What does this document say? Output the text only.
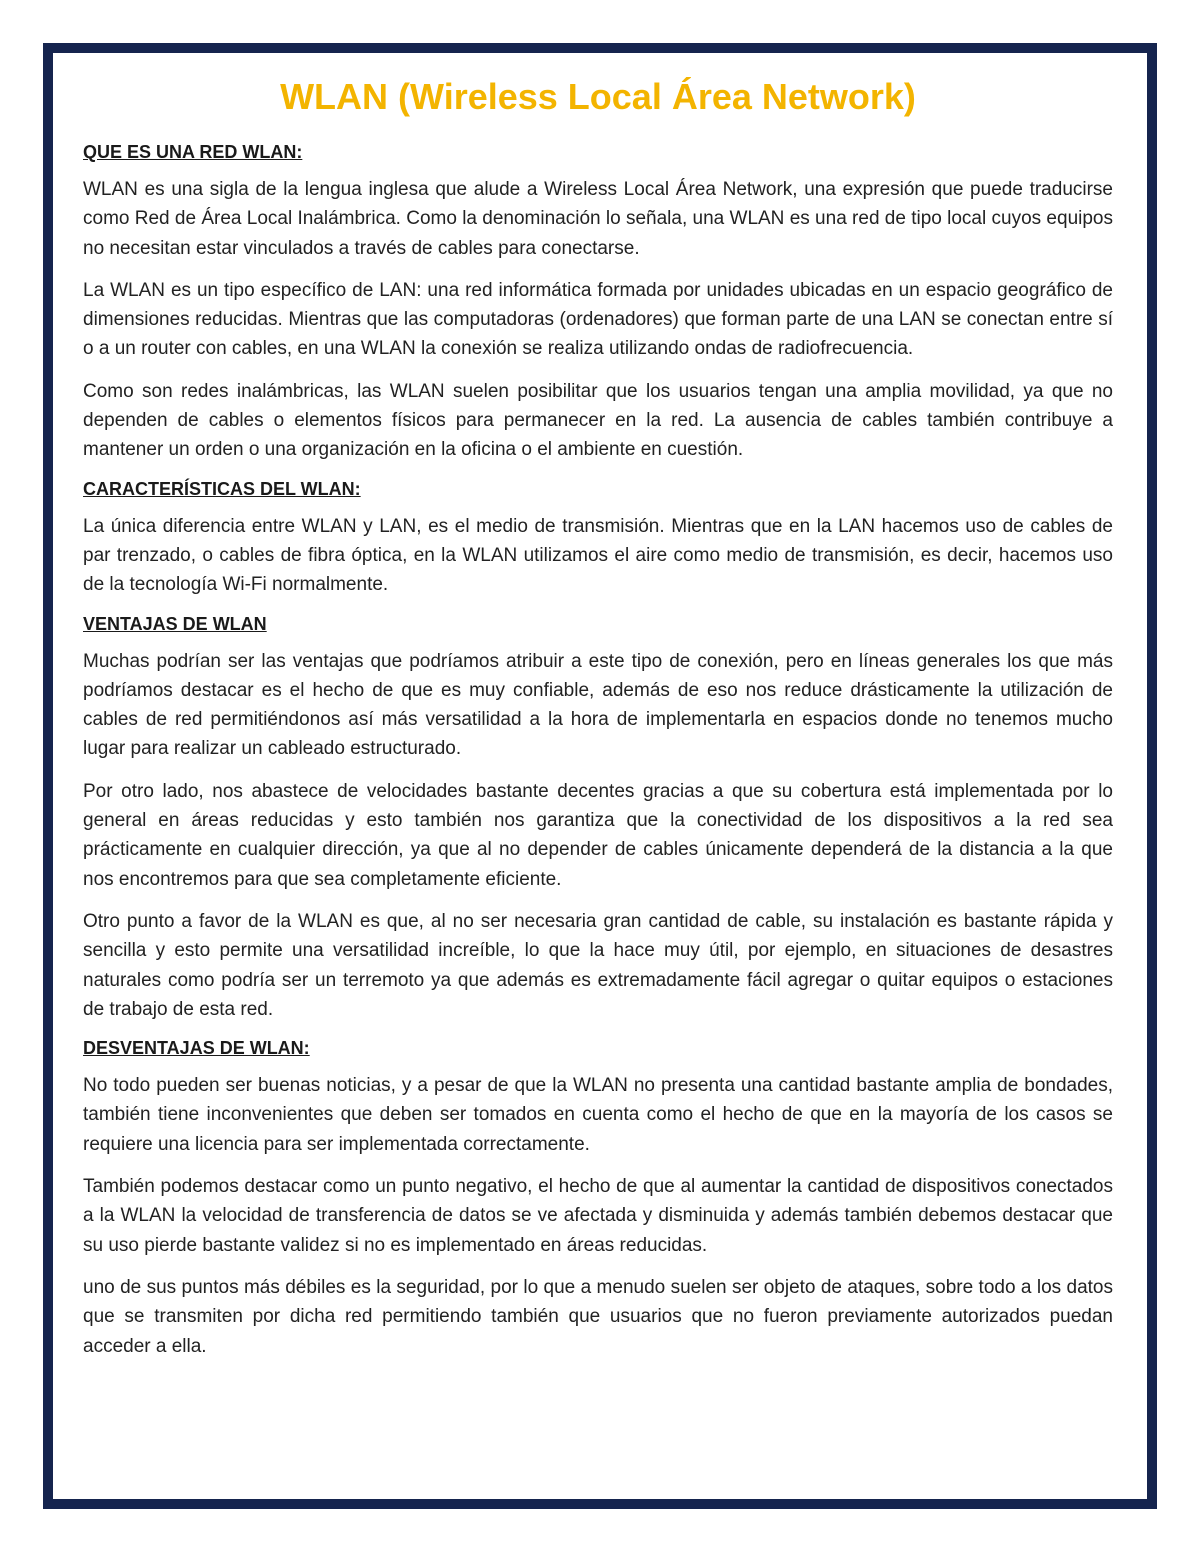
WLAN (Wireless Local Área Network)

QUE ES UNA RED WLAN:

WLAN es una sigla de la lengua inglesa que alude a Wireless Local Área Network, una expresión que puede traducirse como Red de Área Local Inalámbrica. Como la denominación lo señala, una WLAN es una red de tipo local cuyos equipos no necesitan estar vinculados a través de cables para conectarse.

La WLAN es un tipo específico de LAN: una red informática formada por unidades ubicadas en un espacio geográfico de dimensiones reducidas. Mientras que las computadoras (ordenadores) que forman parte de una LAN se conectan entre sí o a un router con cables, en una WLAN la conexión se realiza utilizando ondas de radiofrecuencia.

Como son redes inalámbricas, las WLAN suelen posibilitar que los usuarios tengan una amplia movilidad, ya que no dependen de cables o elementos físicos para permanecer en la red. La ausencia de cables también contribuye a mantener un orden o una organización en la oficina o el ambiente en cuestión.

CARACTERÍSTICAS DEL WLAN:

La única diferencia entre WLAN y LAN, es el medio de transmisión. Mientras que en la LAN hacemos uso de cables de par trenzado, o cables de fibra óptica, en la WLAN utilizamos el aire como medio de transmisión, es decir, hacemos uso de la tecnología Wi-Fi normalmente.

VENTAJAS DE WLAN

Muchas podrían ser las ventajas que podríamos atribuir a este tipo de conexión, pero en líneas generales los que más podríamos destacar es el hecho de que es muy confiable, además de eso nos reduce drásticamente la utilización de cables de red permitiéndonos así más versatilidad a la hora de implementarla en espacios donde no tenemos mucho lugar para realizar un cableado estructurado.

Por otro lado, nos abastece de velocidades bastante decentes gracias a que su cobertura está implementada por lo general en áreas reducidas y esto también nos garantiza que la conectividad de los dispositivos a la red sea prácticamente en cualquier dirección, ya que al no depender de cables únicamente dependerá de la distancia a la que nos encontremos para que sea completamente eficiente.

Otro punto a favor de la WLAN es que, al no ser necesaria gran cantidad de cable, su instalación es bastante rápida y sencilla y esto permite una versatilidad increíble, lo que la hace muy útil, por ejemplo, en situaciones de desastres naturales como podría ser un terremoto ya que además es extremadamente fácil agregar o quitar equipos o estaciones de trabajo de esta red.

DESVENTAJAS DE WLAN:

No todo pueden ser buenas noticias, y a pesar de que la WLAN no presenta una cantidad bastante amplia de bondades, también tiene inconvenientes que deben ser tomados en cuenta como el hecho de que en la mayoría de los casos se requiere una licencia para ser implementada correctamente.

También podemos destacar como un punto negativo, el hecho de que al aumentar la cantidad de dispositivos conectados a la WLAN la velocidad de transferencia de datos se ve afectada y disminuida y además también debemos destacar que su uso pierde bastante validez si no es implementado en áreas reducidas.

uno de sus puntos más débiles es la seguridad, por lo que a menudo suelen ser objeto de ataques, sobre todo a los datos que se transmiten por dicha red permitiendo también que usuarios que no fueron previamente autorizados puedan acceder a ella.
